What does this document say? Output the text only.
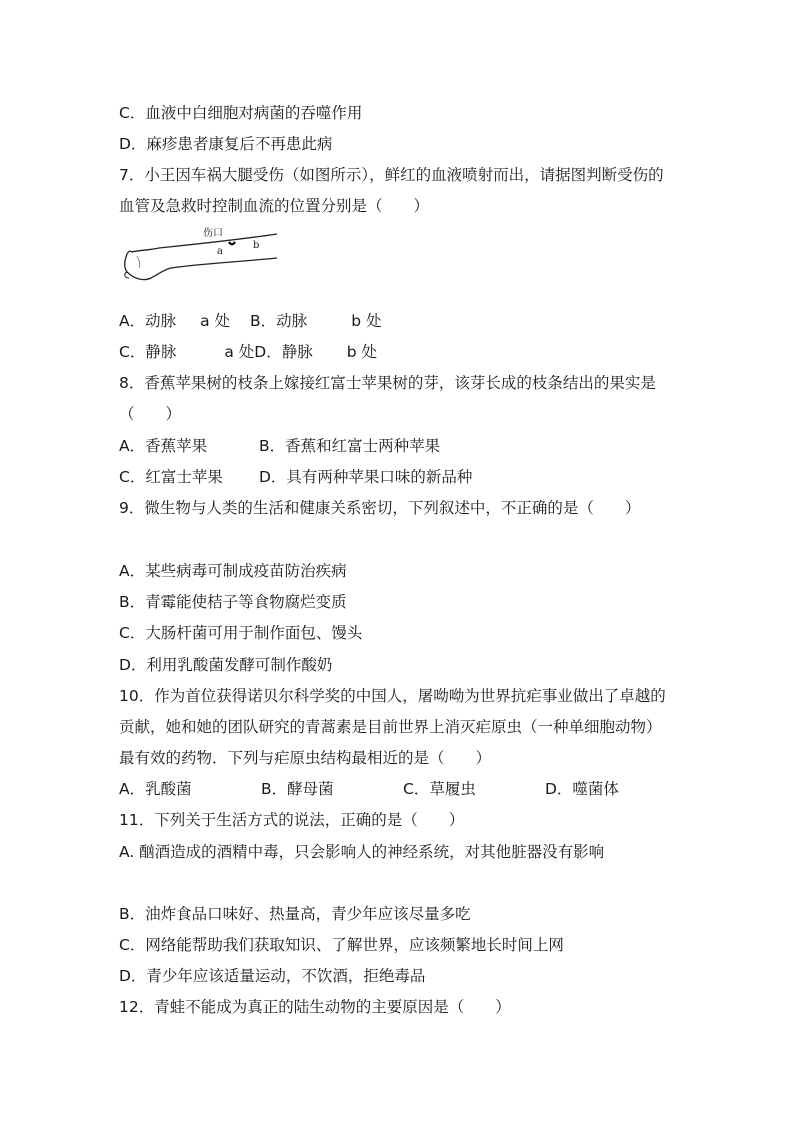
C．血液中白细胞对病菌的吞噬作用
D．麻疹患者康复后不再患此病
7．小王因车祸大腿受伤（如图所示），鲜红的血液喷射而出，请据图判断受伤的
血管及急救时控制血流的位置分别是（　　）
伤口
a
b
A．动脉 a 处 B．动脉	b 处
C．静脉	a 处D．静脉 b 处
8．香蕉苹果树的枝条上嫁接红富士苹果树的芽，该芽长成的枝条结出的果实是
（　　）
A．香蕉苹果	B．香蕉和红富士两种苹果
C．红富士苹果 D．具有两种苹果口味的新品种
9．微生物与人类的生活和健康关系密切，下列叙述中，不正确的是（　　）
A．某些病毒可制成疫苗防治疾病
B．青霉能使桔子等食物腐烂变质
C．大肠杆菌可用于制作面包、馒头
D．利用乳酸菌发酵可制作酸奶
10．作为首位获得诺贝尔科学奖的中国人，屠呦呦为世界抗疟事业做出了卓越的
贡献，她和她的团队研究的青蒿素是目前世界上消灭疟原虫（一种单细胞动物）
最有效的药物．下列与疟原虫结构最相近的是（　　）
A．乳酸菌	B．酵母菌	C．草履虫	D．噬菌体
11．下列关于生活方式的说法，正确的是（　　）
A. 酗酒造成的酒精中毒，只会影响人的神经系统，对其他脏器没有影响
B．油炸食品口味好、热量高，青少年应该尽量多吃
C．网络能帮助我们获取知识、了解世界，应该频繁地长时间上网
D．青少年应该适量运动，不饮酒，拒绝毒品
12．青蛙不能成为真正的陆生动物的主要原因是（　　）
